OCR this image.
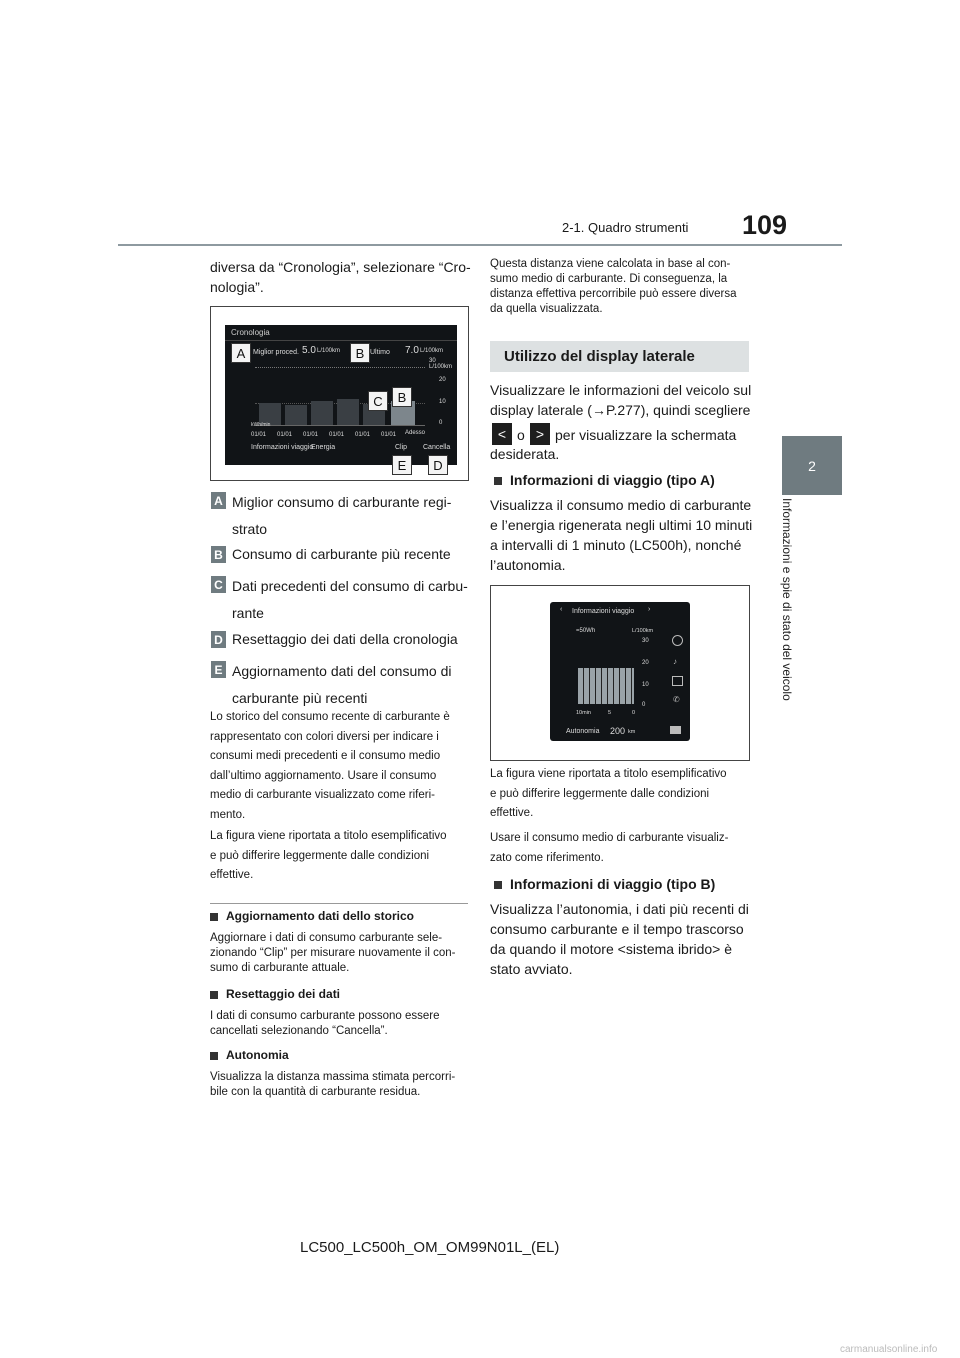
2-1. Quadro strumenti 109
2
Informazioni e spie di stato del veicolo
diversa da “Cronologia”, selezionare “Cro-
nologia”.
Cronologia
Miglior proced. 5.0 L/100km	Ultimo 7.0 L/100km
30 L/100km
20
10
0
kWh/min
01/01 01/01 01/01 01/01 01/01 01/01 Adesso
Informazioni viaggio
Energia	Clip Cancella
A	B
C	B
E	D
A Miglior consumo di carburante regi-
strato
B Consumo di carburante più recente
C Dati precedenti del consumo di carbu-
rante
D Resettaggio dei dati della cronologia
E Aggiornamento dati del consumo di
carburante più recenti
Lo storico del consumo recente di carburante è
rappresentato con colori diversi per indicare i
consumi medi precedenti e il consumo medio
dall’ultimo aggiornamento. Usare il consumo
medio di carburante visualizzato come riferi-
mento.
La figura viene riportata a titolo esemplificativo
e può differire leggermente dalle condizioni
effettive.
Aggiornamento dati dello storico
Aggiornare i dati di consumo carburante sele-
zionando “Clip” per misurare nuovamente il con-
sumo di carburante attuale.
Resettaggio dei dati
I dati di consumo carburante possono essere
cancellati selezionando “Cancella”.
Autonomia
Visualizza la distanza massima stimata percorri-
bile con la quantità di carburante residua.
Questa distanza viene calcolata in base al con-
sumo medio di carburante. Di conseguenza, la
distanza effettiva percorribile può essere diversa
da quella visualizzata.
Utilizzo del display laterale
Visualizzare le informazioni del veicolo sul
display laterale (→P.277), quindi scegliere
< o > per visualizzare la schermata
desiderata.
Informazioni di viaggio (tipo A)
Visualizza il consumo medio di carburante
e l’energia rigenerata negli ultimi 10 minuti
a intervalli di 1 minuto (LC500h), nonché
l’autonomia.
‹ Informazioni viaggio ›
=50Wh	L/100km
30
20
10
0
10min	5	0
Autonomia 200 km
♪
✆
La figura viene riportata a titolo esemplificativo
e può differire leggermente dalle condizioni
effettive.
Usare il consumo medio di carburante visualiz-
zato come riferimento.
Informazioni di viaggio (tipo B)
Visualizza l’autonomia, i dati più recenti di
consumo carburante e il tempo trascorso
da quando il motore <sistema ibrido> è
stato avviato.
LC500_LC500h_OM_OM99N01L_(EL)
carmanualsonline.info
